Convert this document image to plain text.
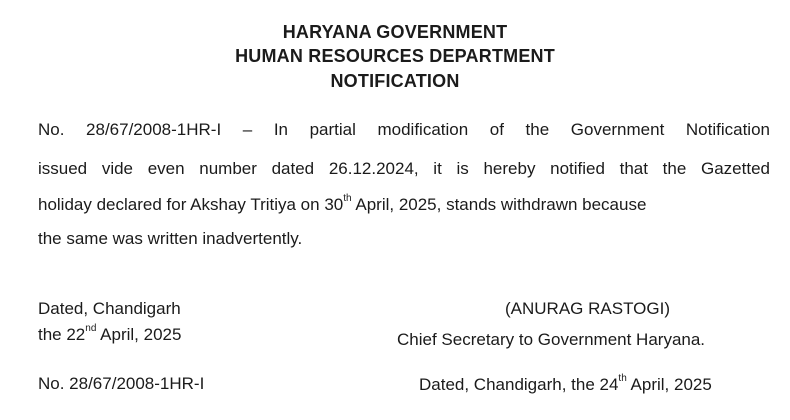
HARYANA GOVERNMENT
HUMAN RESOURCES DEPARTMENT
NOTIFICATION
No. 28/67/2008-1HR-I – In partial modification of the Government Notification
issued vide even number dated 26.12.2024, it is hereby notified that the Gazetted
holiday declared for Akshay Tritiya on 30th April, 2025, stands withdrawn because
the same was written inadvertently.
Dated, Chandigarh
the 22nd April, 2025
No. 28/67/2008-1HR-I
(ANURAG RASTOGI)
Chief Secretary to Government Haryana.
Dated, Chandigarh, the 24th April, 2025
